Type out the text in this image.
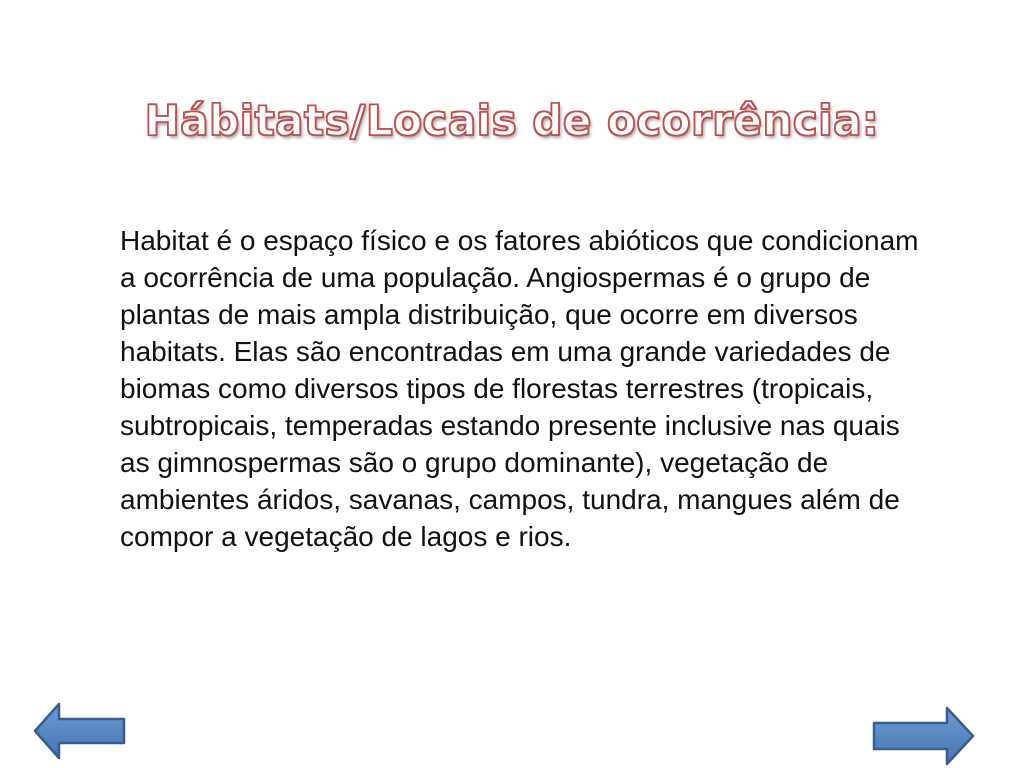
Hábitats/Locais de ocorrência:

Habitat é o espaço físico e os fatores abióticos que condicionam a ocorrência de uma população. Angiospermas é o grupo de plantas de mais ampla distribuição, que ocorre em diversos habitats. Elas são encontradas em uma grande variedades de biomas como diversos tipos de florestas terrestres (tropicais, subtropicais, temperadas estando presente inclusive nas quais as gimnospermas são o grupo dominante), vegetação de ambientes áridos, savanas, campos, tundra, mangues além de compor a vegetação de lagos e rios.
